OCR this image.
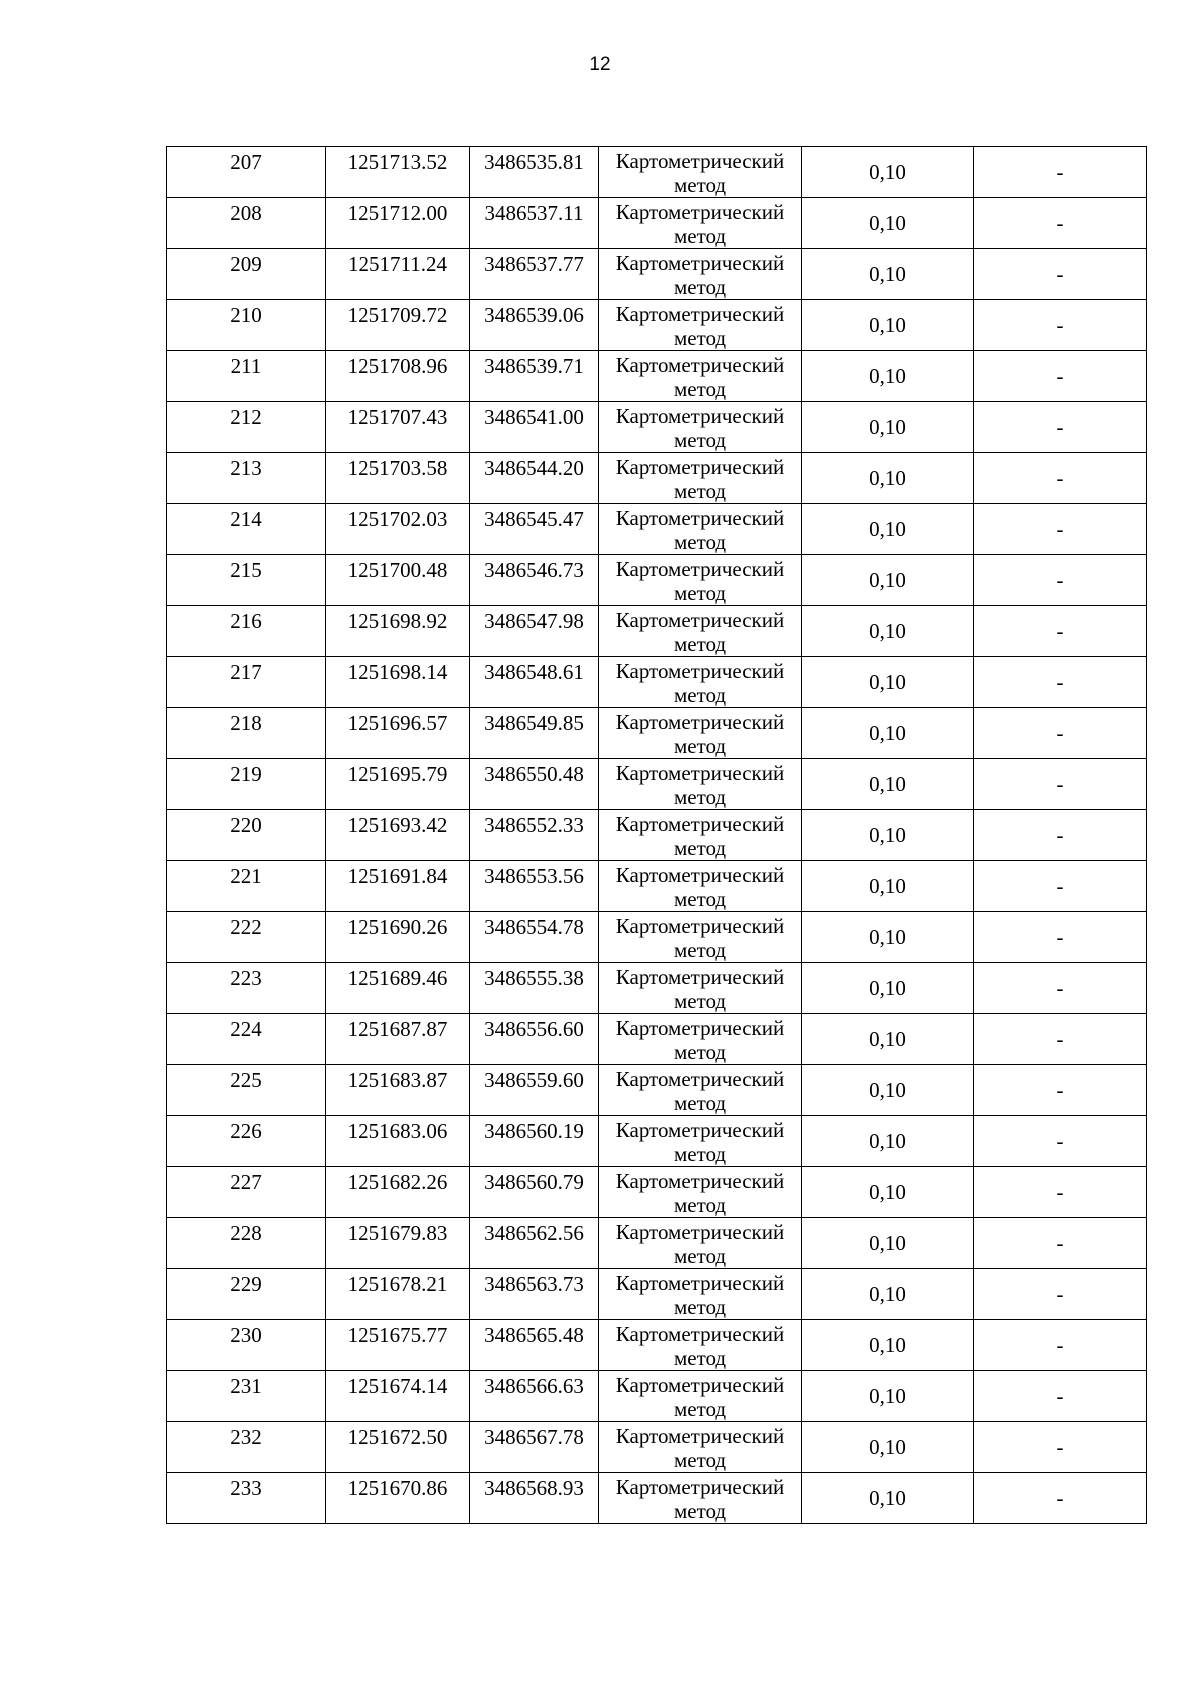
12
207	1251713.52	3486535.81	Картометрический метод	0,10	-
208	1251712.00	3486537.11	Картометрический метод	0,10	-
209	1251711.24	3486537.77	Картометрический метод	0,10	-
210	1251709.72	3486539.06	Картометрический метод	0,10	-
211	1251708.96	3486539.71	Картометрический метод	0,10	-
212	1251707.43	3486541.00	Картометрический метод	0,10	-
213	1251703.58	3486544.20	Картометрический метод	0,10	-
214	1251702.03	3486545.47	Картометрический метод	0,10	-
215	1251700.48	3486546.73	Картометрический метод	0,10	-
216	1251698.92	3486547.98	Картометрический метод	0,10	-
217	1251698.14	3486548.61	Картометрический метод	0,10	-
218	1251696.57	3486549.85	Картометрический метод	0,10	-
219	1251695.79	3486550.48	Картометрический метод	0,10	-
220	1251693.42	3486552.33	Картометрический метод	0,10	-
221	1251691.84	3486553.56	Картометрический метод	0,10	-
222	1251690.26	3486554.78	Картометрический метод	0,10	-
223	1251689.46	3486555.38	Картометрический метод	0,10	-
224	1251687.87	3486556.60	Картометрический метод	0,10	-
225	1251683.87	3486559.60	Картометрический метод	0,10	-
226	1251683.06	3486560.19	Картометрический метод	0,10	-
227	1251682.26	3486560.79	Картометрический метод	0,10	-
228	1251679.83	3486562.56	Картометрический метод	0,10	-
229	1251678.21	3486563.73	Картометрический метод	0,10	-
230	1251675.77	3486565.48	Картометрический метод	0,10	-
231	1251674.14	3486566.63	Картометрический метод	0,10	-
232	1251672.50	3486567.78	Картометрический метод	0,10	-
233	1251670.86	3486568.93	Картометрический метод	0,10	-
